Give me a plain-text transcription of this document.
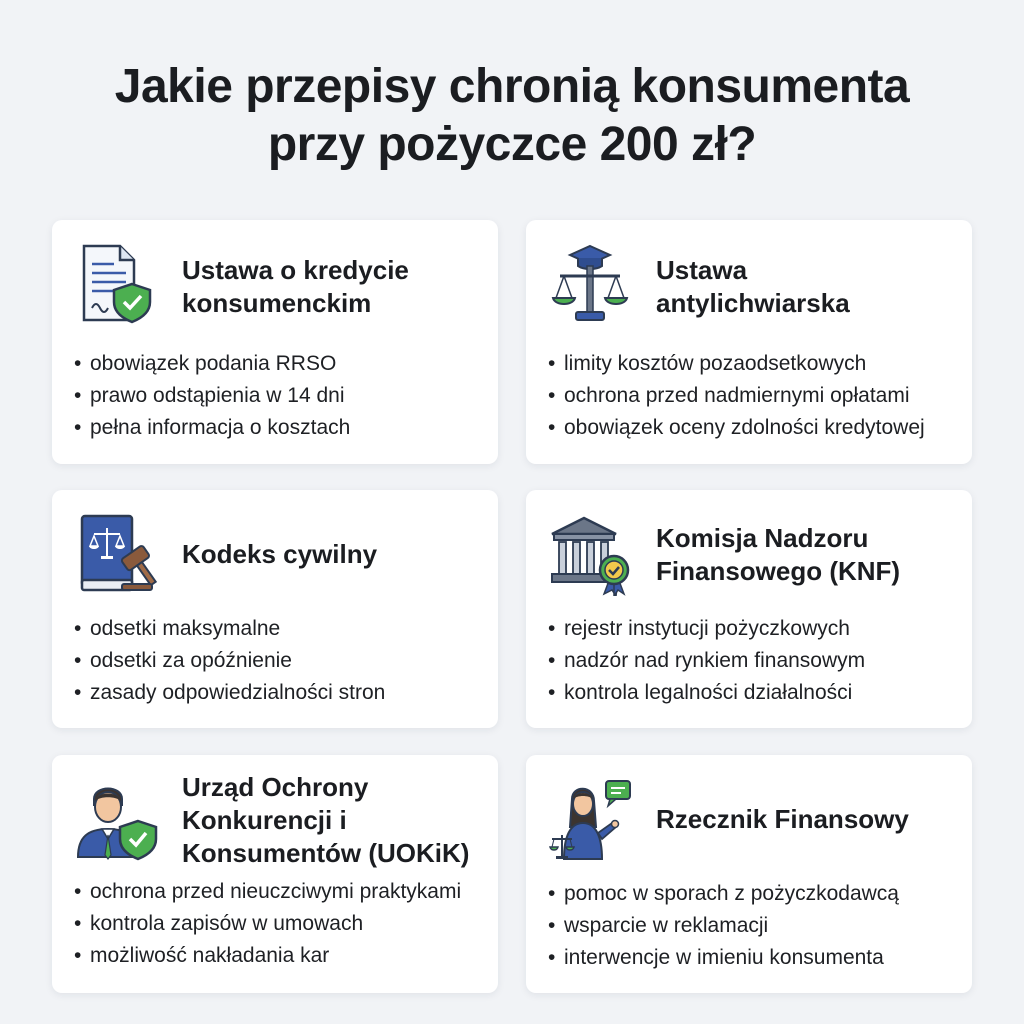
Jakie przepisy chronią konsumenta
przy pożyczce 200 zł?
Ustawa o kredycie
konsumenckim
• obowiązek podania RRSO
• prawo odstąpienia w 14 dni
• pełna informacja o kosztach
Ustawa
antylichwiarska
• limity kosztów pozaodsetkowych
• ochrona przed nadmiernymi opłatami
• obowiązek oceny zdolności kredytowej
Kodeks cywilny
• odsetki maksymalne
• odsetki za opóźnienie
• zasady odpowiedzialności stron
Komisja Nadzoru
Finansowego (KNF)
• rejestr instytucji pożyczkowych
• nadzór nad rynkiem finansowym
• kontrola legalności działalności
Urząd Ochrony
Konkurencji i
Konsumentów (UOKiK)
• ochrona przed nieuczciwymi praktykami
• kontrola zapisów w umowach
• możliwość nakładania kar
Rzecznik Finansowy
• pomoc w sporach z pożyczkodawcą
• wsparcie w reklamacji
• interwencje w imieniu konsumenta
